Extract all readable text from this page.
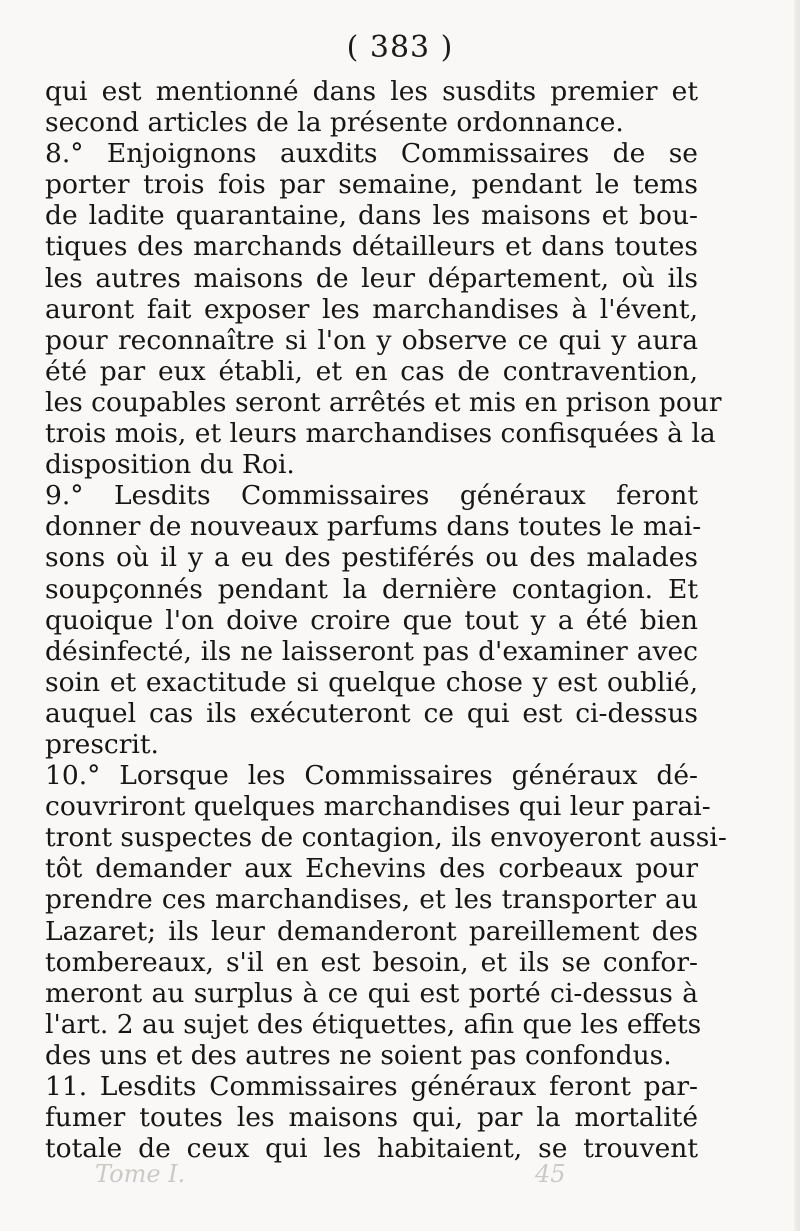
( 383 )
qui est mentionné dans les susdits premier et
second articles de la présente ordonnance.
8.° Enjoignons auxdits Commissaires de se
porter trois fois par semaine, pendant le tems
de ladite quarantaine, dans les maisons et bou-
tiques des marchands détailleurs et dans toutes
les autres maisons de leur département, où ils
auront fait exposer les marchandises à l'évent,
pour reconnaître si l'on y observe ce qui y aura
été par eux établi, et en cas de contravention,
les coupables seront arrêtés et mis en prison pour
trois mois, et leurs marchandises confisquées à la
disposition du Roi.
9.° Lesdits Commissaires généraux feront
donner de nouveaux parfums dans toutes le mai-
sons où il y a eu des pestiférés ou des malades
soupçonnés pendant la dernière contagion. Et
quoique l'on doive croire que tout y a été bien
désinfecté, ils ne laisseront pas d'examiner avec
soin et exactitude si quelque chose y est oublié,
auquel cas ils exécuteront ce qui est ci-dessus
prescrit.
10.° Lorsque les Commissaires généraux dé-
couvriront quelques marchandises qui leur parai-
tront suspectes de contagion, ils envoyeront aussi-
tôt demander aux Echevins des corbeaux pour
prendre ces marchandises, et les transporter au
Lazaret; ils leur demanderont pareillement des
tombereaux, s'il en est besoin, et ils se confor-
meront au surplus à ce qui est porté ci-dessus à
l'art. 2 au sujet des étiquettes, afin que les effets
des uns et des autres ne soient pas confondus.
11. Lesdits Commissaires généraux feront par-
fumer toutes les maisons qui, par la mortalité
totale de ceux qui les habitaient, se trouvent
Tome I.	45
